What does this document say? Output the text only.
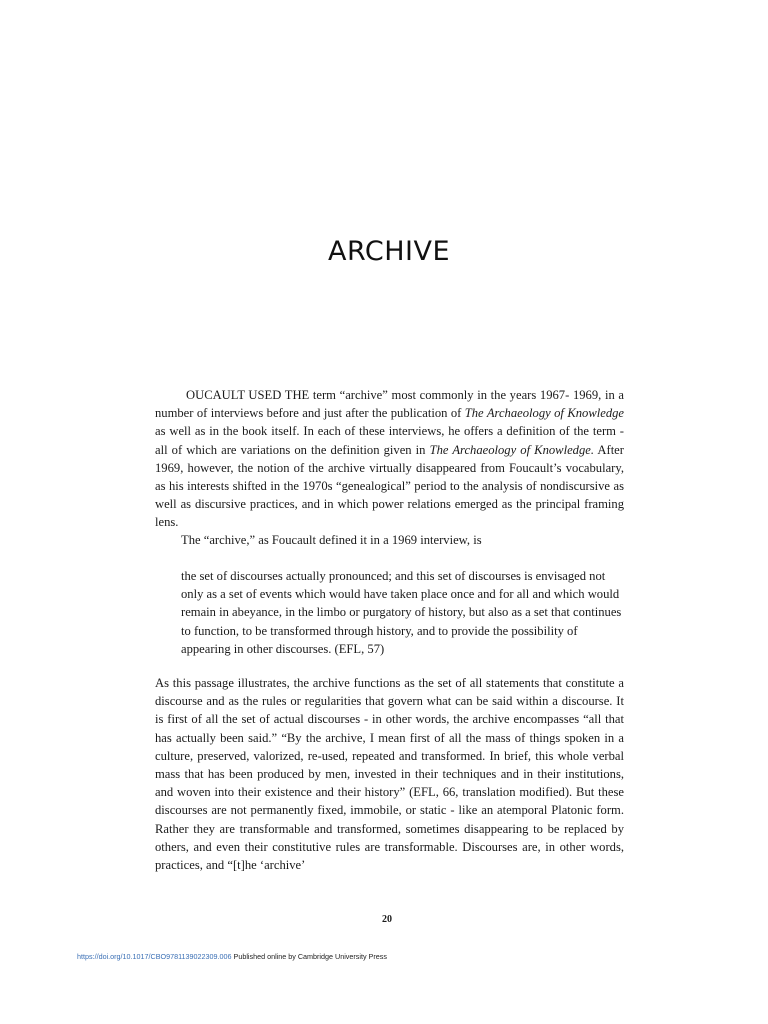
ARCHIVE

OUCAULT USED THE term “archive” most commonly in the years 1967- 1969, in a number of interviews before and just after the publication of The Archaeology of Knowledge as well as in the book itself. In each of these interviews, he offers a definition of the term - all of which are variations on the definition given in The Archaeology of Knowledge. After 1969, however, the notion of the archive virtually disappeared from Foucault’s vocabulary, as his interests shifted in the 1970s “genealogical” period to the analysis of nondiscursive as well as discursive practices, and in which power relations emerged as the principal framing lens.

The “archive,” as Foucault defined it in a 1969 interview, is

the set of discourses actually pronounced; and this set of discourses is envisaged not only as a set of events which would have taken place once and for all and which would remain in abeyance, in the limbo or purgatory of history, but also as a set that continues to function, to be transformed through history, and to provide the possibility of appearing in other discourses. (EFL, 57)

As this passage illustrates, the archive functions as the set of all statements that constitute a discourse and as the rules or regularities that govern what can be said within a discourse. It is first of all the set of actual discourses - in other words, the archive encompasses “all that has actually been said.” “By the archive, I mean first of all the mass of things spoken in a culture, preserved, valorized, re-used, repeated and transformed. In brief, this whole verbal mass that has been produced by men, invested in their techniques and in their institutions, and woven into their existence and their history” (EFL, 66, translation modified). But these discourses are not permanently fixed, immobile, or static - like an atemporal Platonic form. Rather they are transformable and transformed, sometimes disappearing to be replaced by others, and even their constitutive rules are transformable. Discourses are, in other words, practices, and “[t]he ‘archive’

20

https://doi.org/10.1017/CBO9781139022309.006 Published online by Cambridge University Press
